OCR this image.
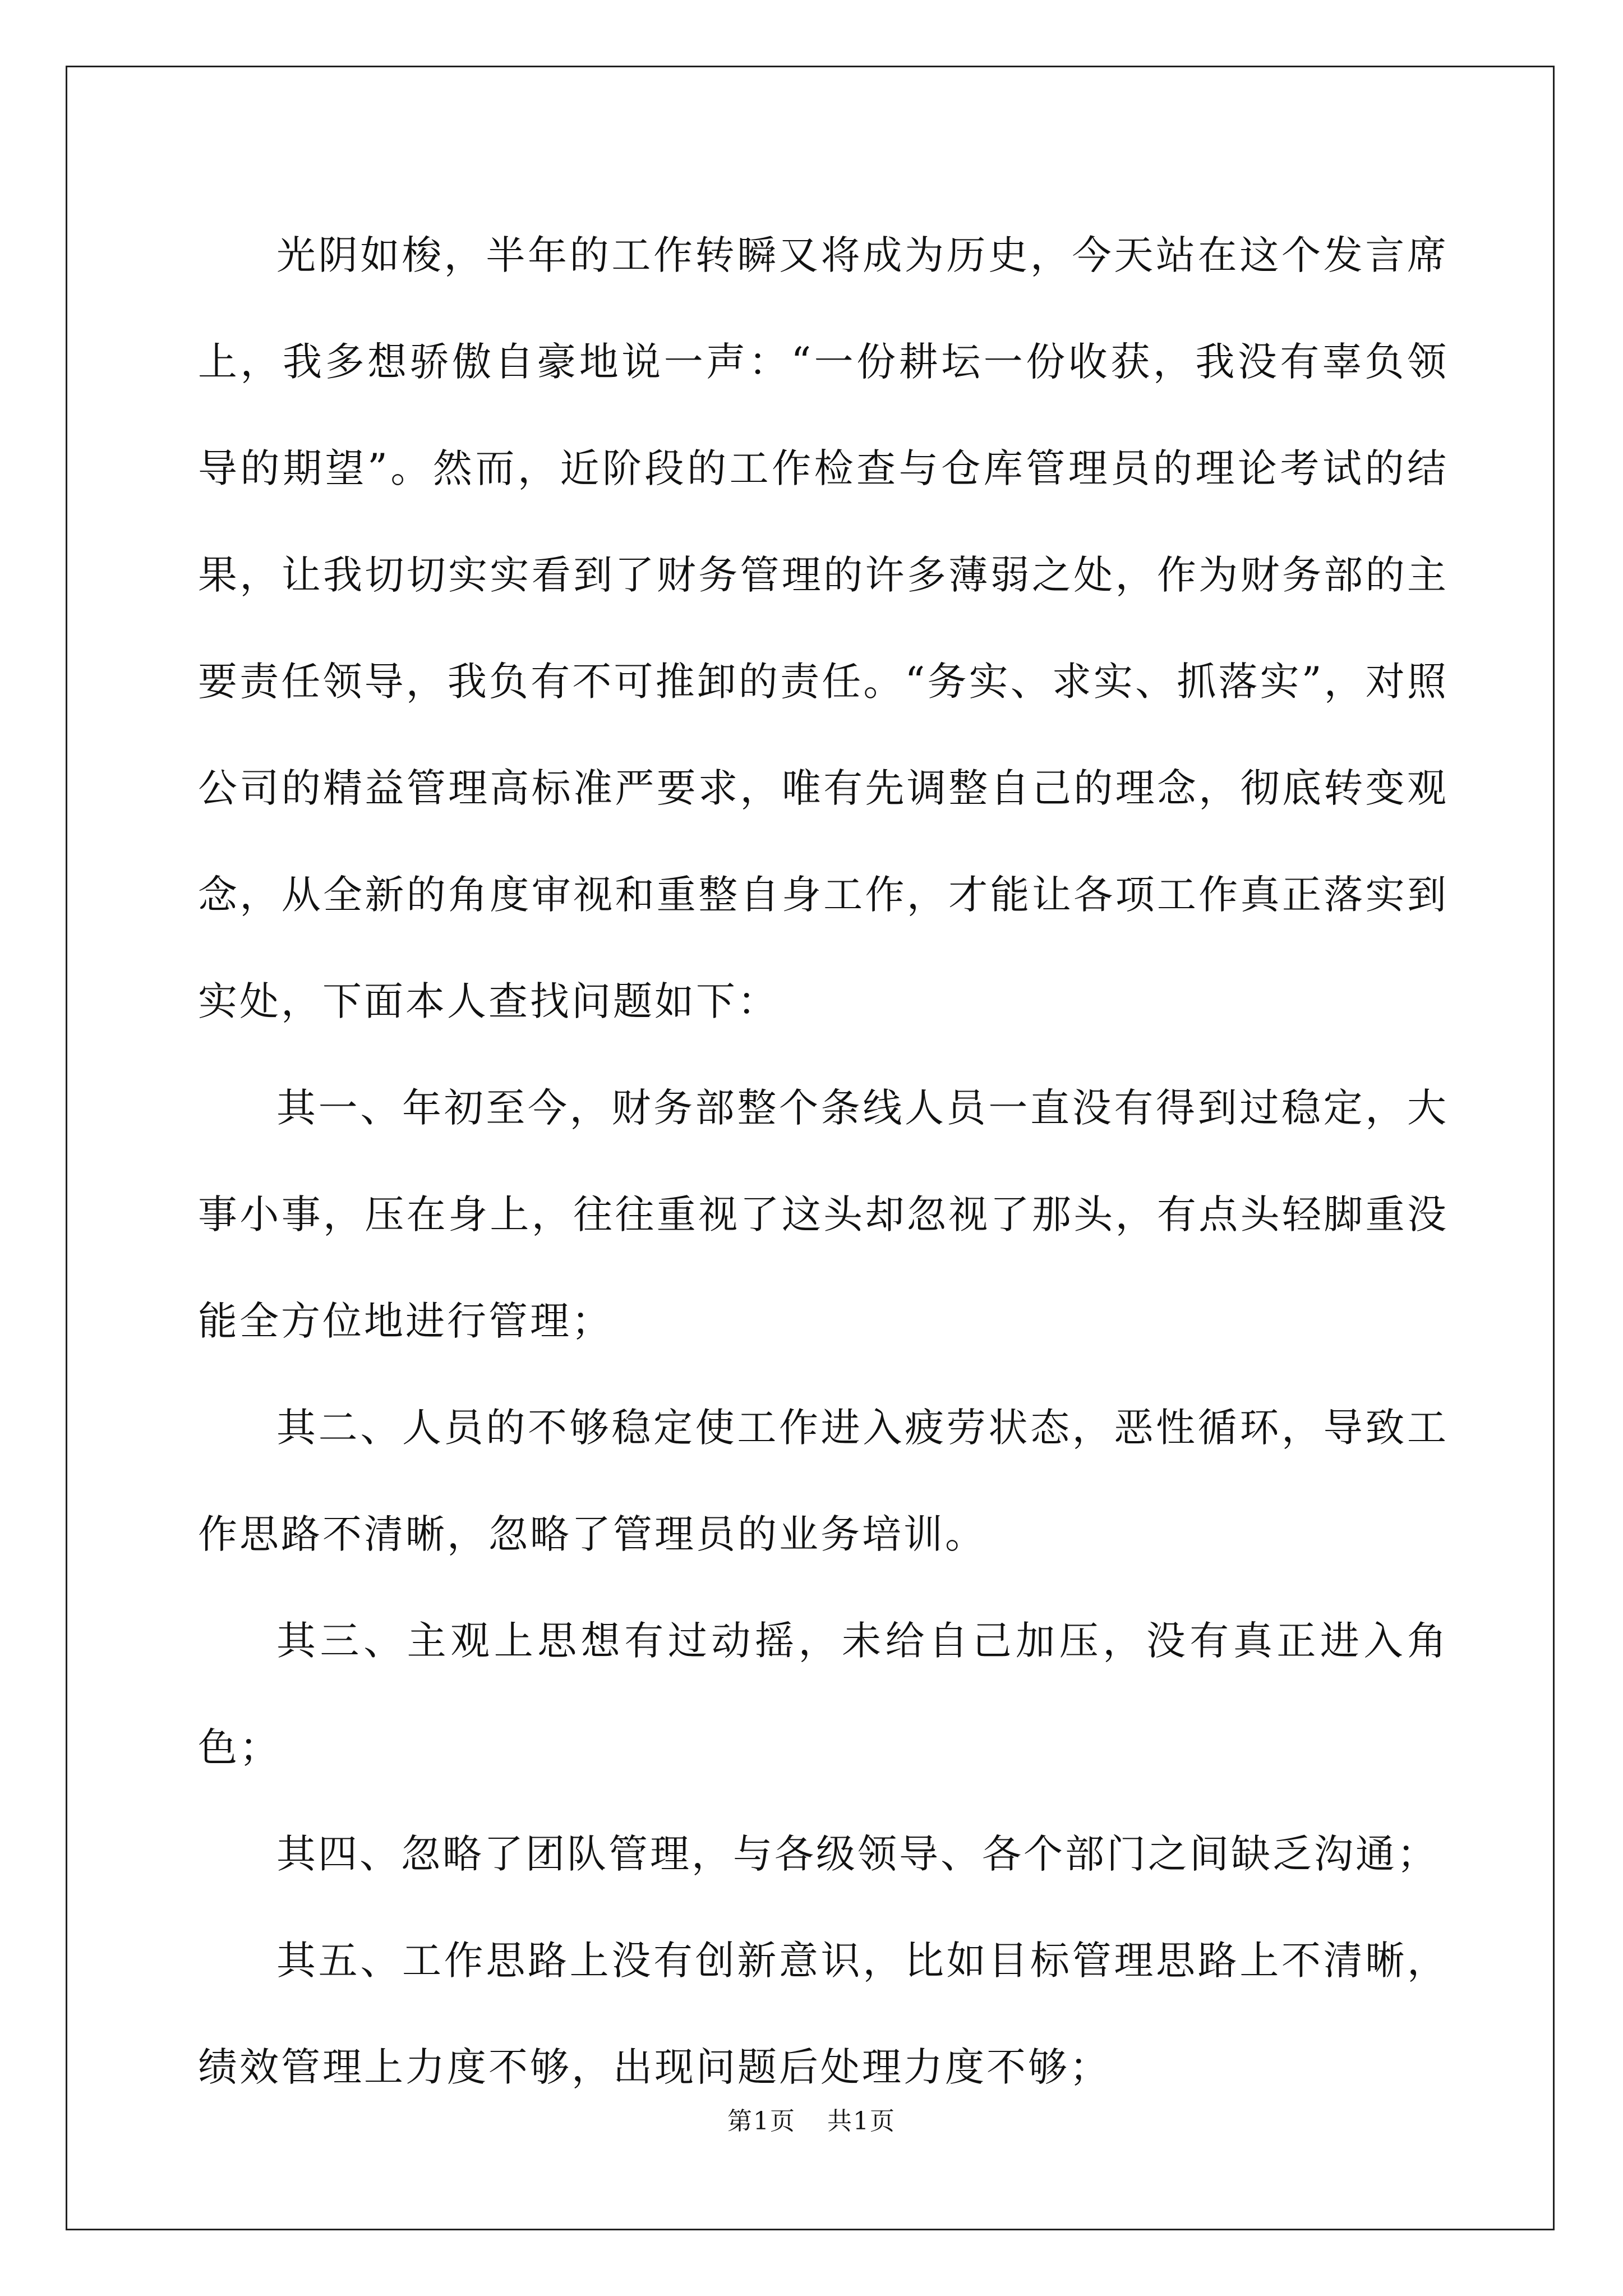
光阴如梭，半年的工作转瞬又将成为历史，今天站在这个发言席上，我多想骄傲自豪地说一声：“一份耕坛一份收获，我没有辜负领导的期望”。然而，近阶段的工作检查与仓库管理员的理论考试的结果，让我切切实实看到了财务管理的许多薄弱之处，作为财务部的主要责任领导，我负有不可推卸的责任。“务实、求实、抓落实”，对照公司的精益管理高标准严要求，唯有先调整自己的理念，彻底转变观念，从全新的角度审视和重整自身工作，才能让各项工作真正落实到实处，下面本人查找问题如下：

其一、年初至今，财务部整个条线人员一直没有得到过稳定，大事小事，压在身上，往往重视了这头却忽视了那头，有点头轻脚重没能全方位地进行管理；

其二、人员的不够稳定使工作进入疲劳状态，恶性循环，导致工作思路不清晰，忽略了管理员的业务培训。

其三、主观上思想有过动摇，未给自己加压，没有真正进入角色；

其四、忽略了团队管理，与各级领导、各个部门之间缺乏沟通；

其五、工作思路上没有创新意识，比如目标管理思路上不清晰，绩效管理上力度不够，出现问题后处理力度不够；

第1页 共1页
